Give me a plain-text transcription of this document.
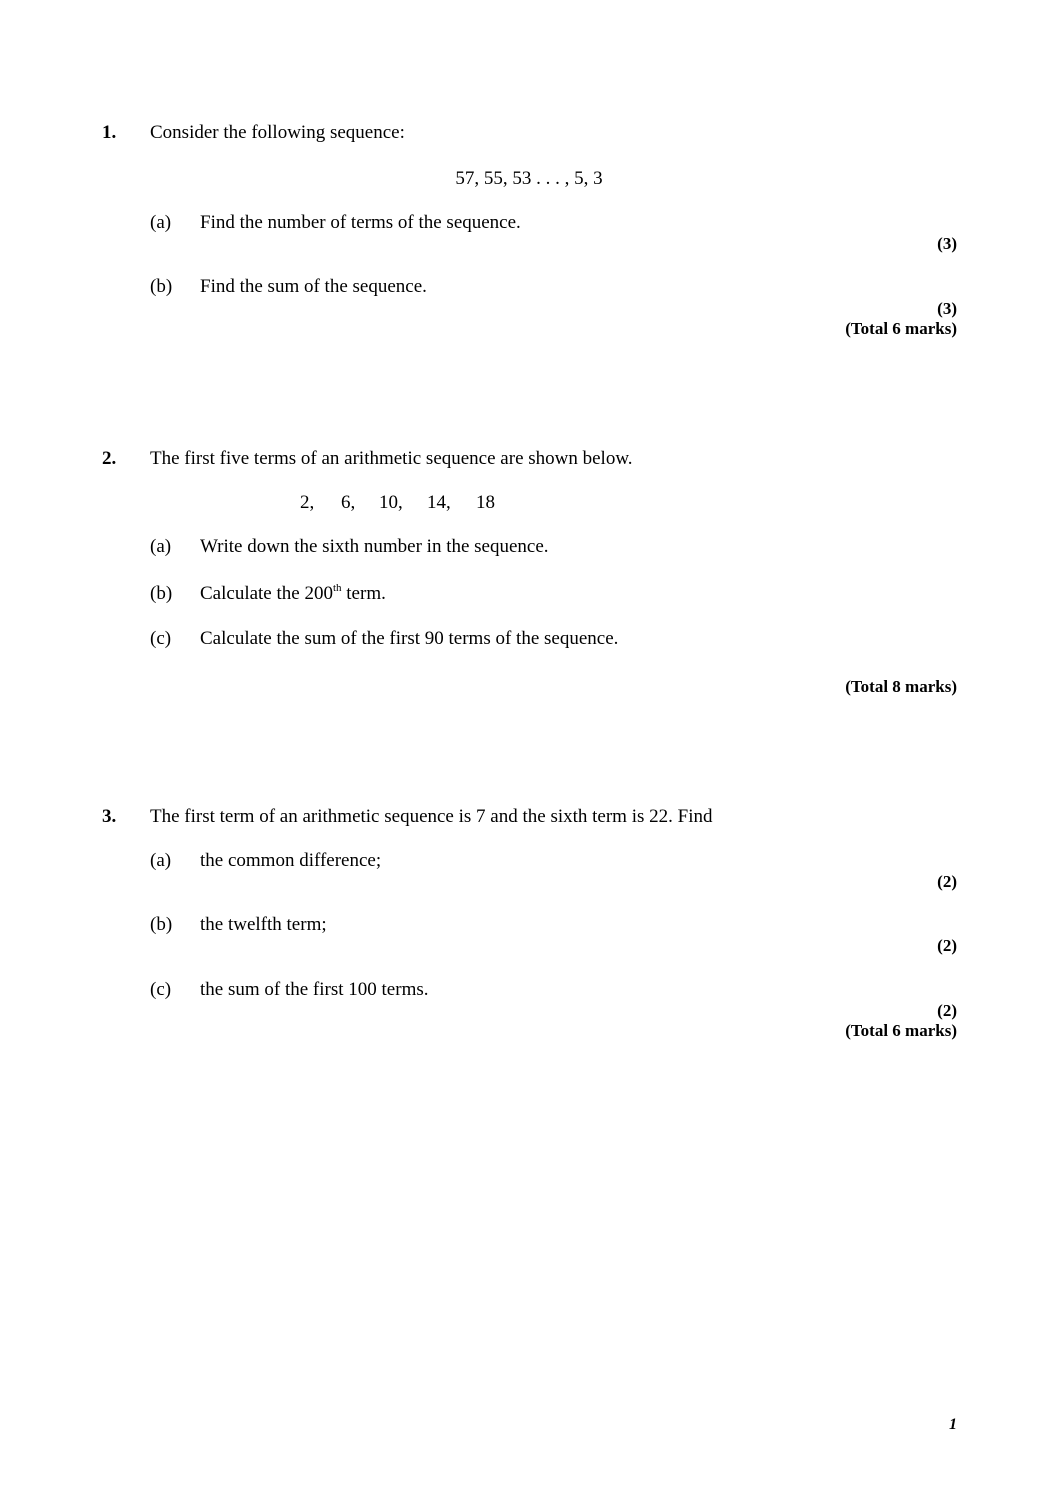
1. Consider the following sequence:
57, 55, 53 . . . , 5, 3
(a) Find the number of terms of the sequence.
(3)
(b) Find the sum of the sequence.
(3)
(Total 6 marks)
2. The first five terms of an arithmetic sequence are shown below.
2, 6, 10, 14, 18
(a) Write down the sixth number in the sequence.
(b) Calculate the 200th term.
(c) Calculate the sum of the first 90 terms of the sequence.
(Total 8 marks)
3. The first term of an arithmetic sequence is 7 and the sixth term is 22. Find
(a) the common difference;
(2)
(b) the twelfth term;
(2)
(c) the sum of the first 100 terms.
(2)
(Total 6 marks)
1
